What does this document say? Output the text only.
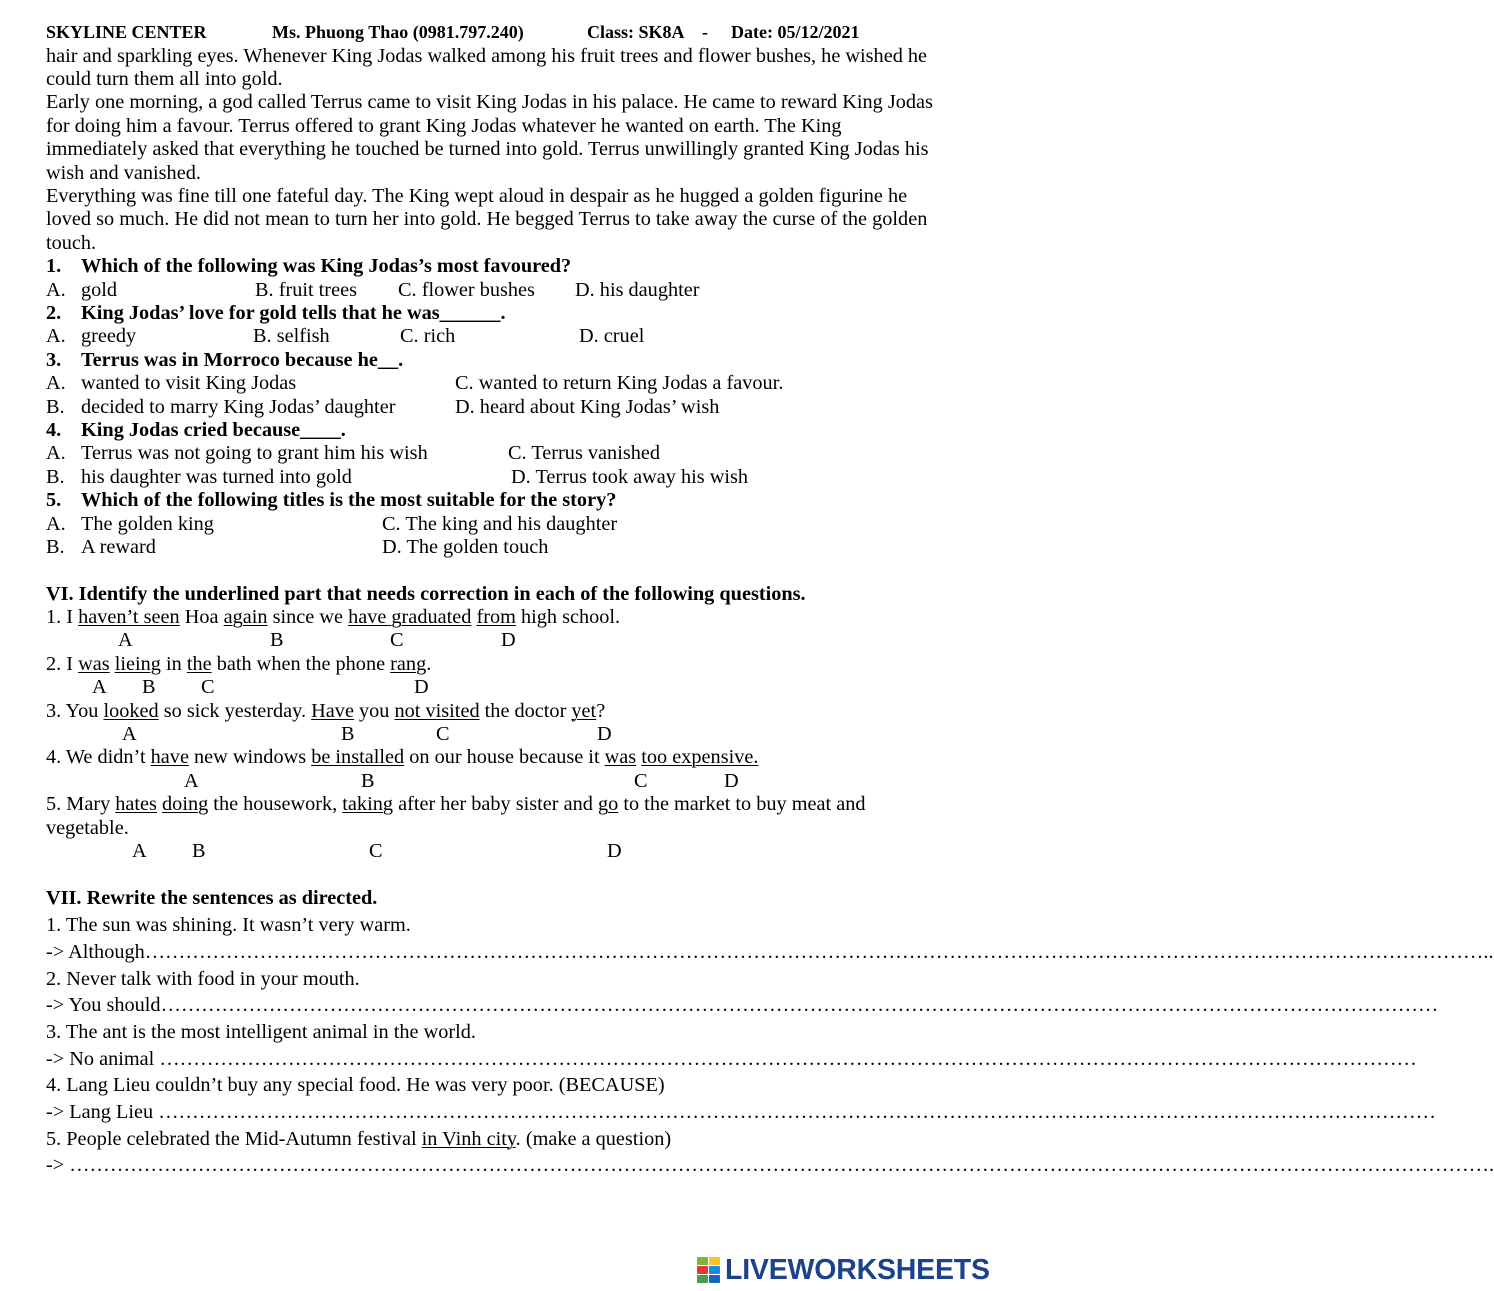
SKYLINE CENTER	Ms. Phuong Thao (0981.797.240)	Class: SK8A - Date: 05/12/2021
hair and sparkling eyes. Whenever King Jodas walked among his fruit trees and flower bushes, he wished he
could turn them all into gold.
Early one morning, a god called Terrus came to visit King Jodas in his palace. He came to reward King Jodas
for doing him a favour. Terrus offered to grant King Jodas whatever he wanted on earth. The King
immediately asked that everything he touched be turned into gold. Terrus unwillingly granted King Jodas his
wish and vanished.
Everything was fine till one fateful day. The King wept aloud in despair as he hugged a golden figurine he
loved so much. He did not mean to turn her into gold. He begged Terrus to take away the curse of the golden
touch.
1. Which of the following was King Jodas’s most favoured?
A. gold	B. fruit trees C. flower bushes D. his daughter
2. King Jodas’ love for gold tells that he was______.
A. greedy	B. selfish	C. rich	D. cruel
3. Terrus was in Morroco because he__.
A. wanted to visit King Jodas	C. wanted to return King Jodas a favour.
B. decided to marry King Jodas’ daughter	D. heard about King Jodas’ wish
4. King Jodas cried because____.
A. Terrus was not going to grant him his wish	C. Terrus vanished
B. his daughter was turned into gold	D. Terrus took away his wish
5. Which of the following titles is the most suitable for the story?
A. The golden king	C. The king and his daughter
B. A reward	D. The golden touch
VI. Identify the underlined part that needs correction in each of the following questions.
1. I haven’t seen Hoa again since we have graduated from high school.
A	B	C	D
2. I was lieing in the bath when the phone rang.
A B C	D
3. You looked so sick yesterday. Have you not visited the doctor yet?
A	B	C	D
4. We didn’t have new windows be installed on our house because it was too expensive.
A	B	C	D
5. Mary hates doing the housework, taking after her baby sister and go to the market to buy meat and
vegetable.
A B	C	D
VII. Rewrite the sentences as directed.
1. The sun was shining. It wasn’t very warm.
-> Although………………………………………………………………………………………………………………………………………………………………………………..
2. Never talk with food in your mouth.
-> You should………………………………………………………………………………………………………………………………………………………………………
3. The ant is the most intelligent animal in the world.
-> No animal ……………………………………………………………………………………………………………………………………………………………………
4. Lang Lieu couldn’t buy any special food. He was very poor. (BECAUSE)
-> Lang Lieu ………………………………………………………………………………………………………………………………………………………………………
5. People celebrated the Mid-Autumn festival in Vinh city. (make a question)
-> ………………………………………………………………………………………………………………………………………………………………………………………….
LIVEWORKSHEETS
